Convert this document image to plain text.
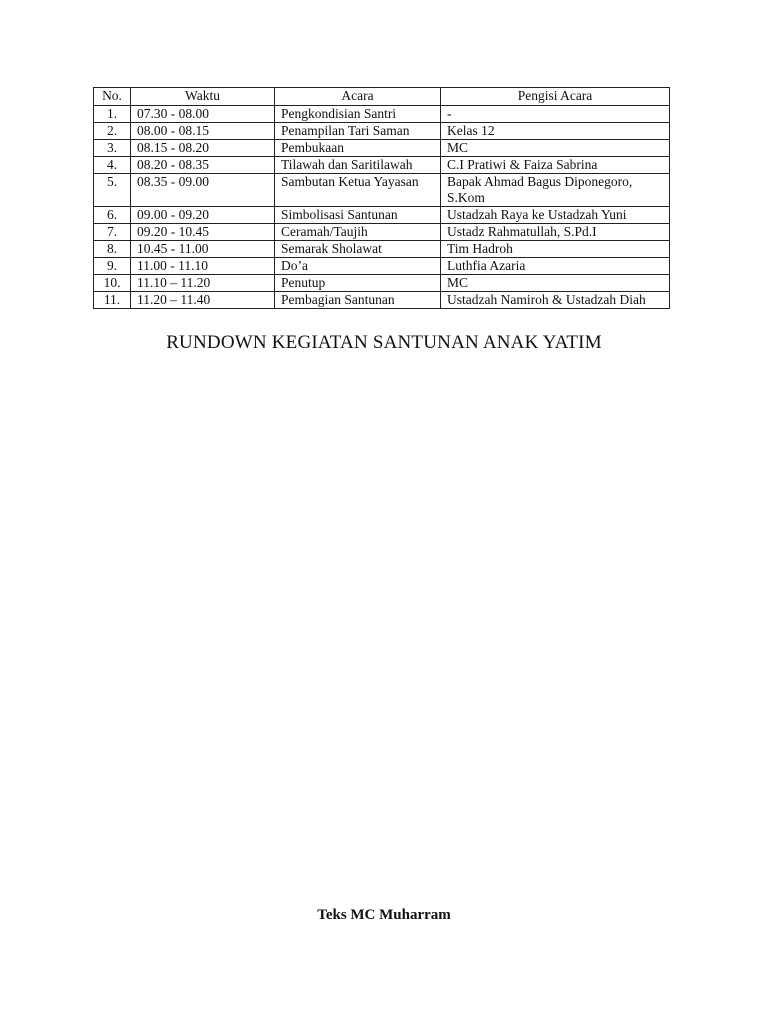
No.	Waktu	Acara	Pengisi Acara
1.	07.30 - 08.00	Pengkondisian Santri	-
2.	08.00 - 08.15	Penampilan Tari Saman	Kelas 12
3.	08.15 - 08.20	Pembukaan	MC
4.	08.20 - 08.35	Tilawah dan Saritilawah	C.I Pratiwi & Faiza Sabrina
5.	08.35 - 09.00	Sambutan Ketua Yayasan	Bapak Ahmad Bagus Diponegoro, S.Kom
6.	09.00 - 09.20	Simbolisasi Santunan	Ustadzah Raya ke Ustadzah Yuni
7.	09.20 - 10.45	Ceramah/Taujih	Ustadz Rahmatullah, S.Pd.I
8.	10.45 - 11.00	Semarak Sholawat	Tim Hadroh
9.	11.00 - 11.10	Do’a	Luthfia Azaria
10.	11.10 – 11.20	Penutup	MC
11.	11.20 – 11.40	Pembagian Santunan	Ustadzah Namiroh & Ustadzah Diah
RUNDOWN KEGIATAN SANTUNAN ANAK YATIM
Teks MC Muharram
